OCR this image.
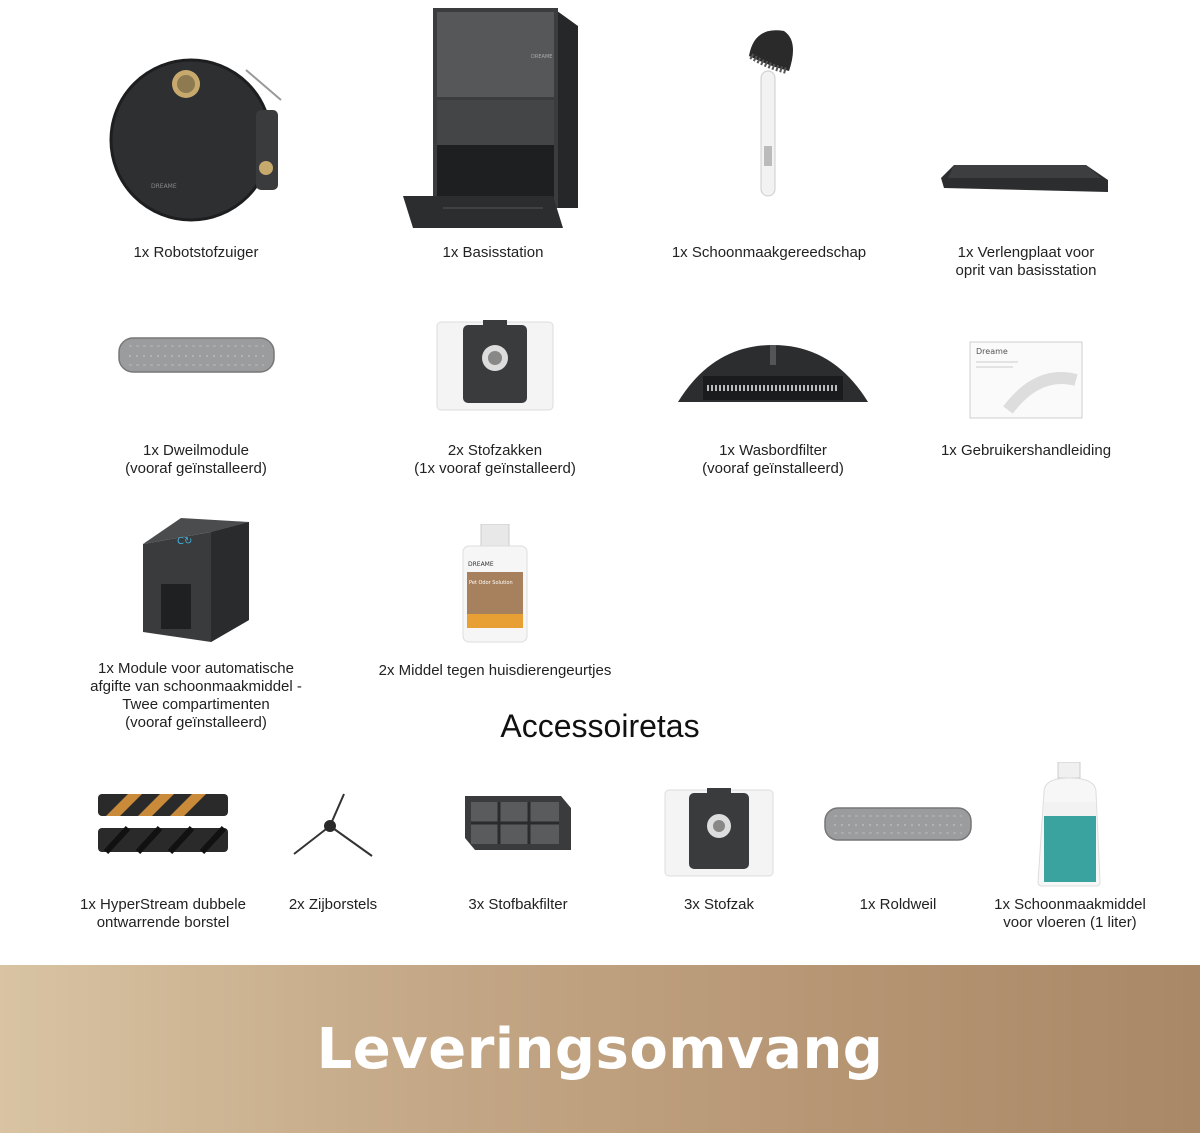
DREAME
1x Robotstofzuiger
DREAME
1x Basisstation	1x Schoonmaakgereedschap	1x Verlengplaat voor
oprit van basisstation
1x Dweilmodule
(vooraf geïnstalleerd)
2x Stofzakken
(1x vooraf geïnstalleerd)
1x Wasbordfilter
(vooraf geïnstalleerd)
Dreame
1x Gebruikershandleiding
C↻
1x Module voor automatische
afgifte van schoonmaakmiddel -
Twee compartimenten
(vooraf geïnstalleerd)
DREAME
Pet Odor Solution
2x Middel tegen huisdierengeurtjes
Accessoiretas
1x HyperStream dubbele
ontwarrende borstel
2x Zijborstels	3x Stofbakfilter	3x Stofzak	1x Roldweil	1x Schoonmaakmiddel
voor vloeren (1 liter)
Leveringsomvang
